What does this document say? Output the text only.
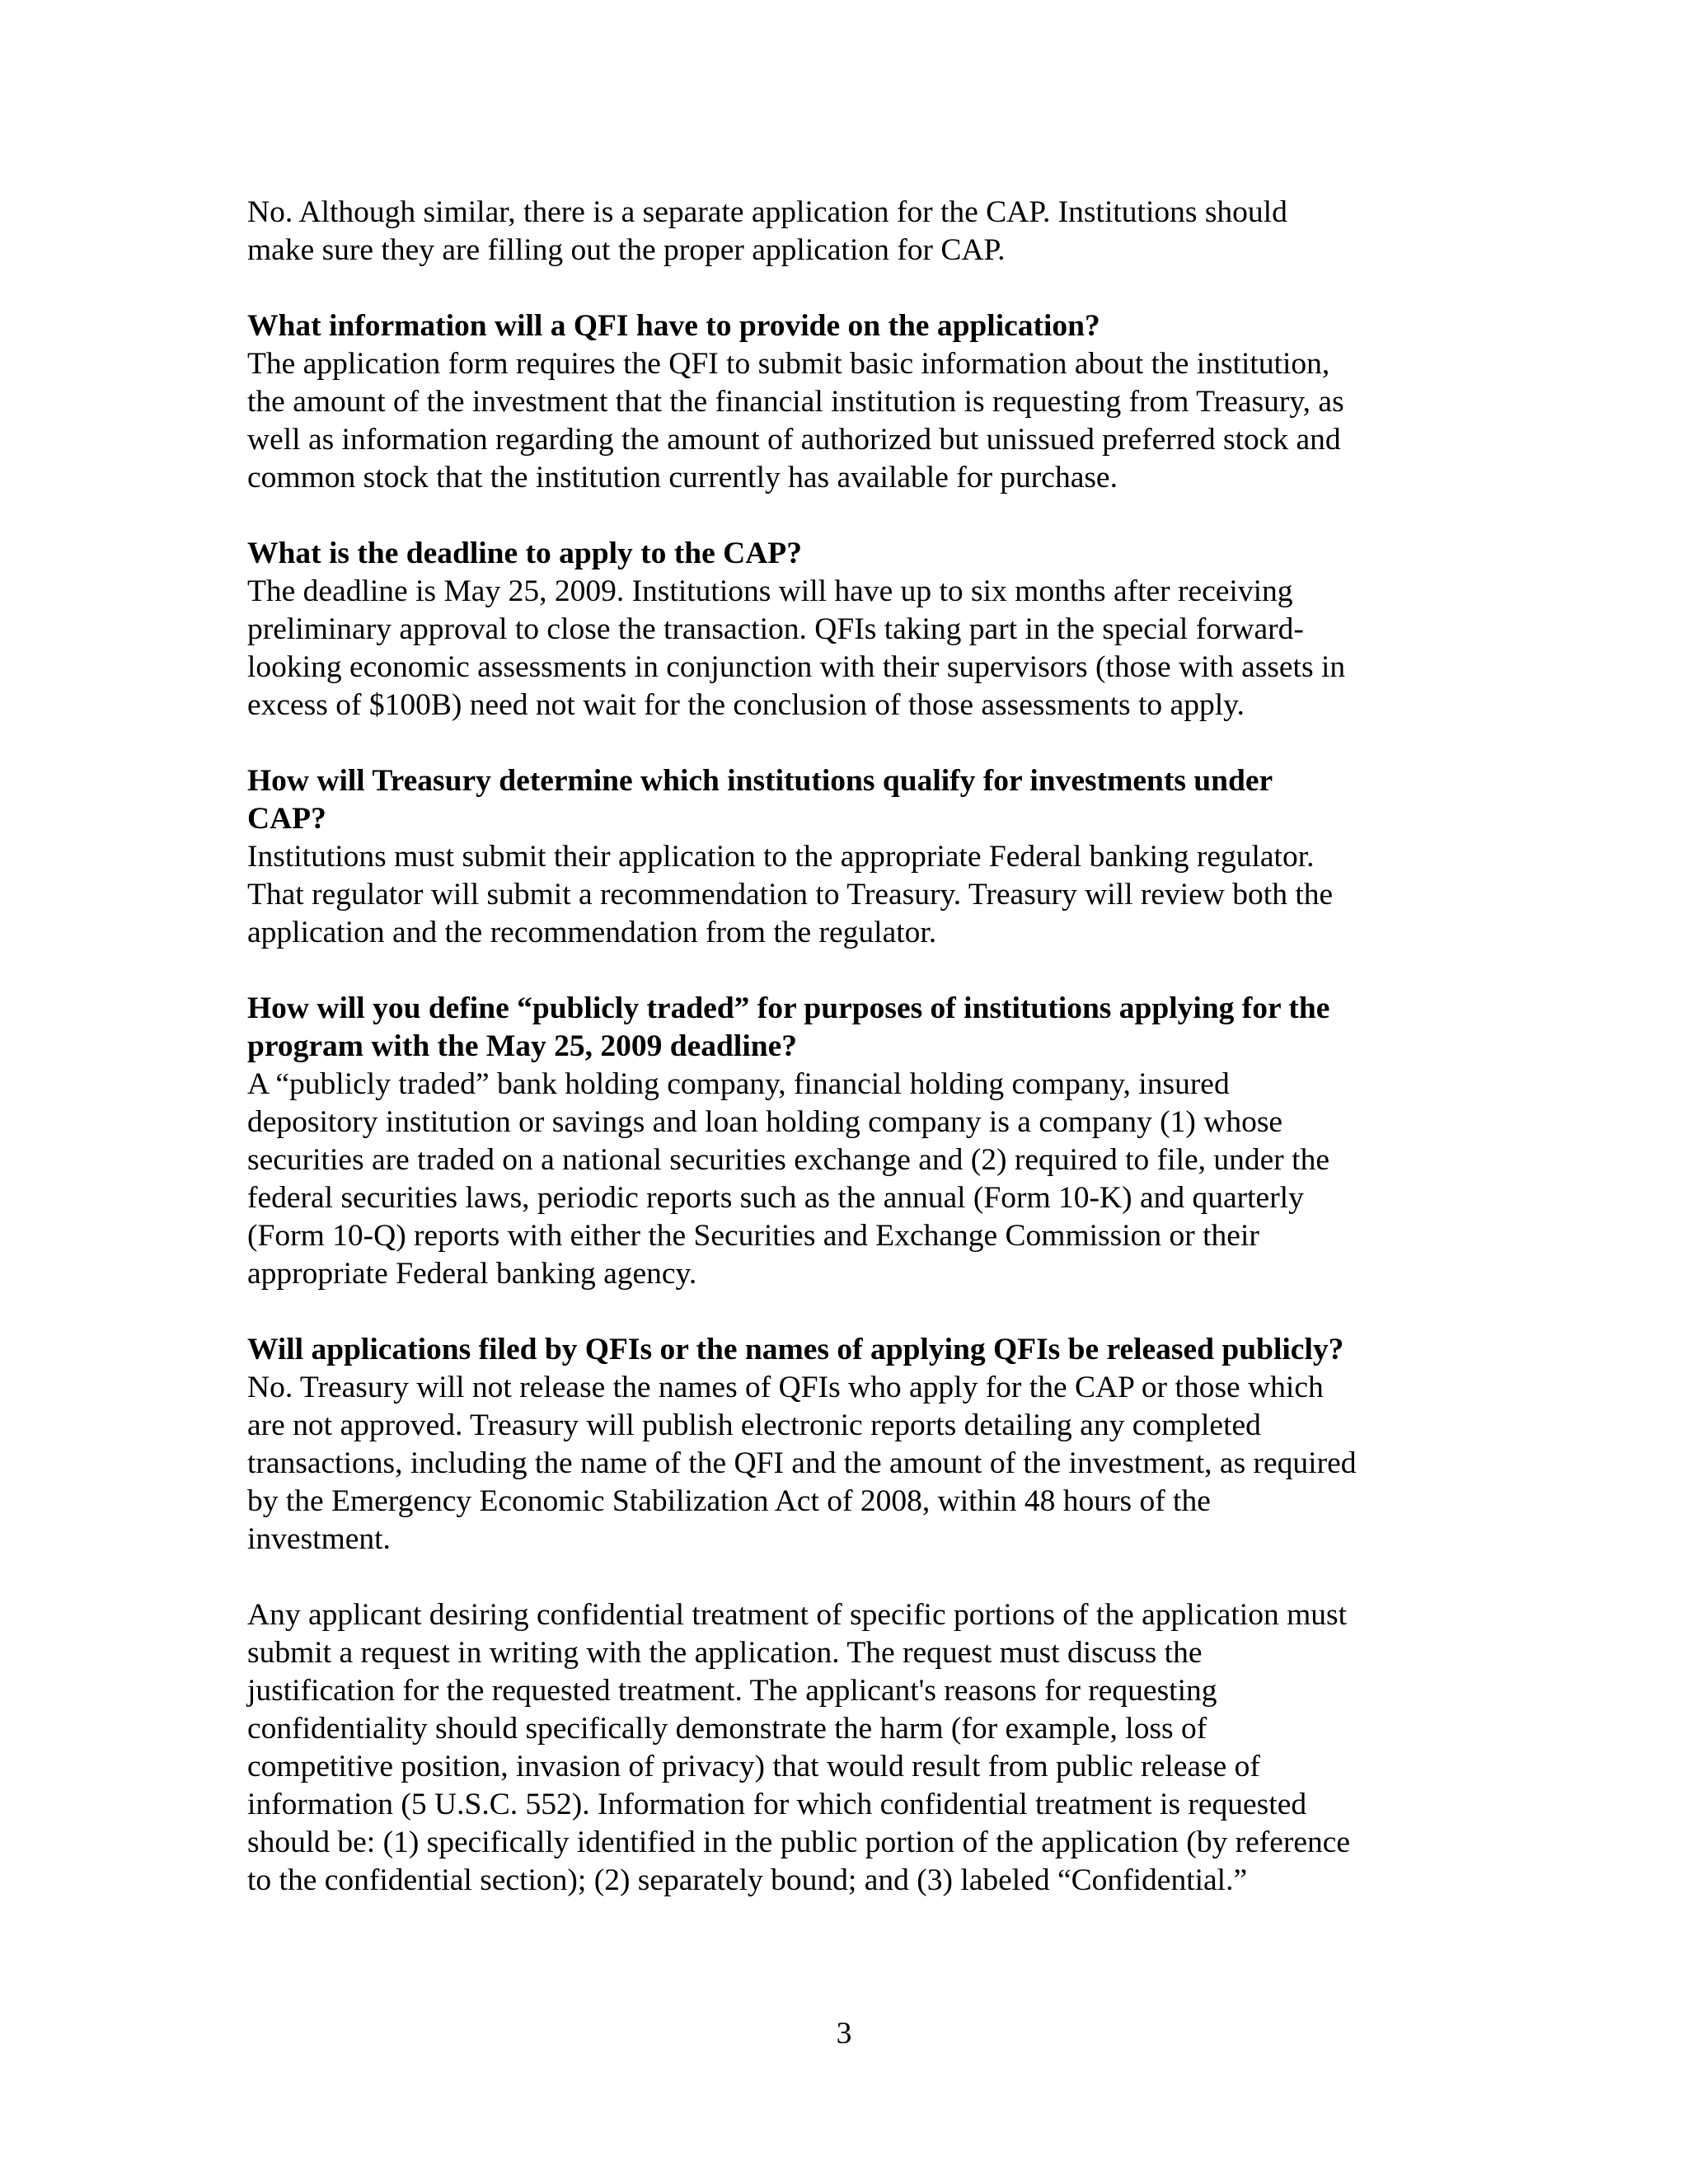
No. Although similar, there is a separate application for the CAP. Institutions should
make sure they are filling out the proper application for CAP.

What information will a QFI have to provide on the application?

The application form requires the QFI to submit basic information about the institution,
the amount of the investment that the financial institution is requesting from Treasury, as
well as information regarding the amount of authorized but unissued preferred stock and
common stock that the institution currently has available for purchase.

What is the deadline to apply to the CAP?

The deadline is May 25, 2009. Institutions will have up to six months after receiving
preliminary approval to close the transaction. QFIs taking part in the special forward-
looking economic assessments in conjunction with their supervisors (those with assets in
excess of $100B) need not wait for the conclusion of those assessments to apply.

How will Treasury determine which institutions qualify for investments under
CAP?

Institutions must submit their application to the appropriate Federal banking regulator.
That regulator will submit a recommendation to Treasury. Treasury will review both the
application and the recommendation from the regulator.

How will you define “publicly traded” for purposes of institutions applying for the
program with the May 25, 2009 deadline?

A “publicly traded” bank holding company, financial holding company, insured
depository institution or savings and loan holding company is a company (1) whose
securities are traded on a national securities exchange and (2) required to file, under the
federal securities laws, periodic reports such as the annual (Form 10-K) and quarterly
(Form 10-Q) reports with either the Securities and Exchange Commission or their
appropriate Federal banking agency.

Will applications filed by QFIs or the names of applying QFIs be released publicly?

No. Treasury will not release the names of QFIs who apply for the CAP or those which
are not approved. Treasury will publish electronic reports detailing any completed
transactions, including the name of the QFI and the amount of the investment, as required
by the Emergency Economic Stabilization Act of 2008, within 48 hours of the
investment.

Any applicant desiring confidential treatment of specific portions of the application must
submit a request in writing with the application. The request must discuss the
justification for the requested treatment. The applicant's reasons for requesting
confidentiality should specifically demonstrate the harm (for example, loss of
competitive position, invasion of privacy) that would result from public release of
information (5 U.S.C. 552). Information for which confidential treatment is requested
should be: (1) specifically identified in the public portion of the application (by reference
to the confidential section); (2) separately bound; and (3) labeled “Confidential.”

3
